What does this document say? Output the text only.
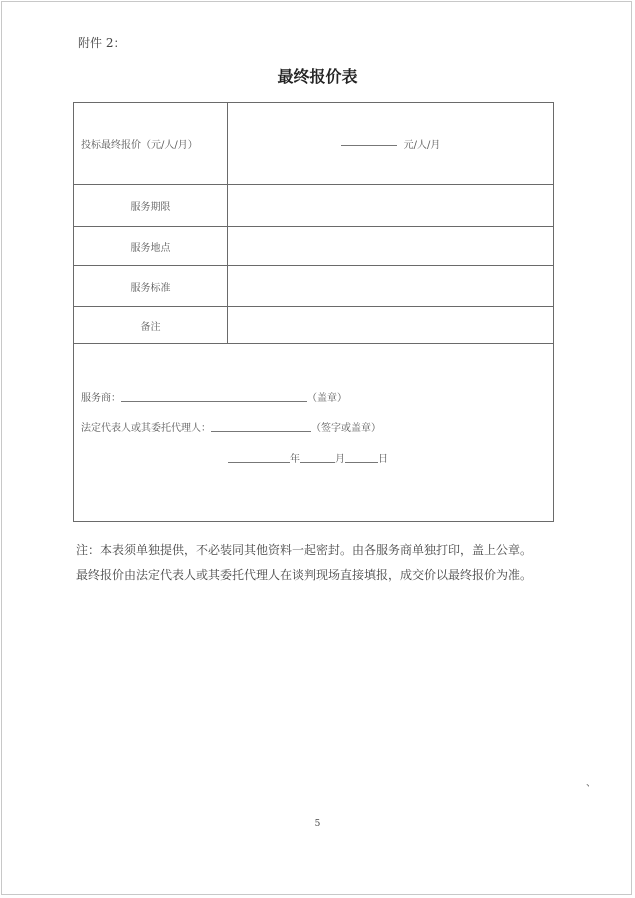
附件 2：
最终报价表
投标最终报价（元/人/月）	元/人/月
服务期限	
服务地点	
服务标准	
备注	

服务商： （盖章）
法定代表人或其委托代理人： （签字或盖章）
年 月 日	
注：本表须单独提供，不必装同其他资料一起密封。由各服务商单独打印，盖上公章。
最终报价由法定代表人或其委托代理人在谈判现场直接填报，成交价以最终报价为准。
、
5
